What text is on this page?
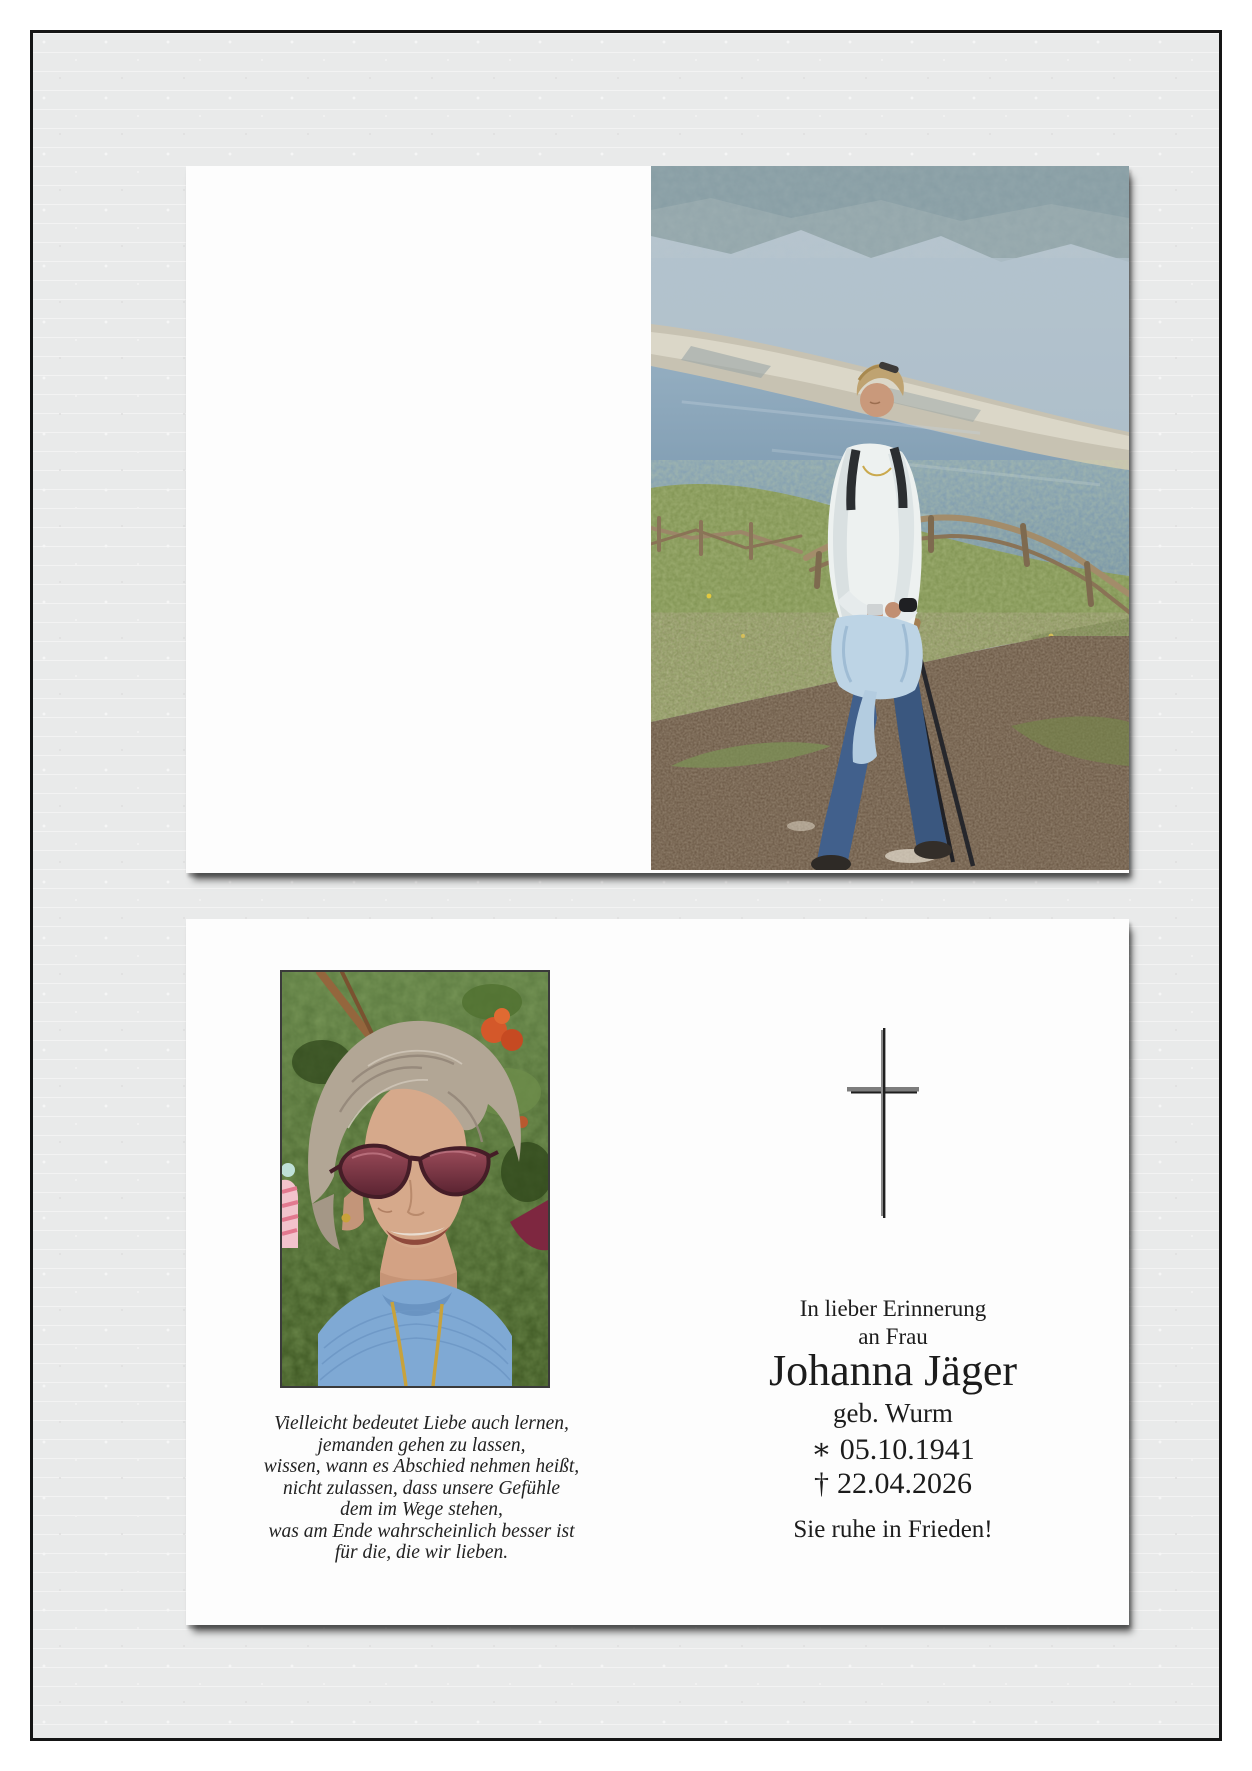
Vielleicht bedeutet Liebe auch lernen,
jemanden gehen zu lassen,
wissen, wann es Abschied nehmen heißt,
nicht zulassen, dass unsere Gefühle
dem im Wege stehen,
was am Ende wahrscheinlich besser ist
für die, die wir lieben.
In lieber Erinnerung
an Frau
Johanna Jäger
geb. Wurm
∗ 05.10.1941
† 22.04.2026
Sie ruhe in Frieden!
